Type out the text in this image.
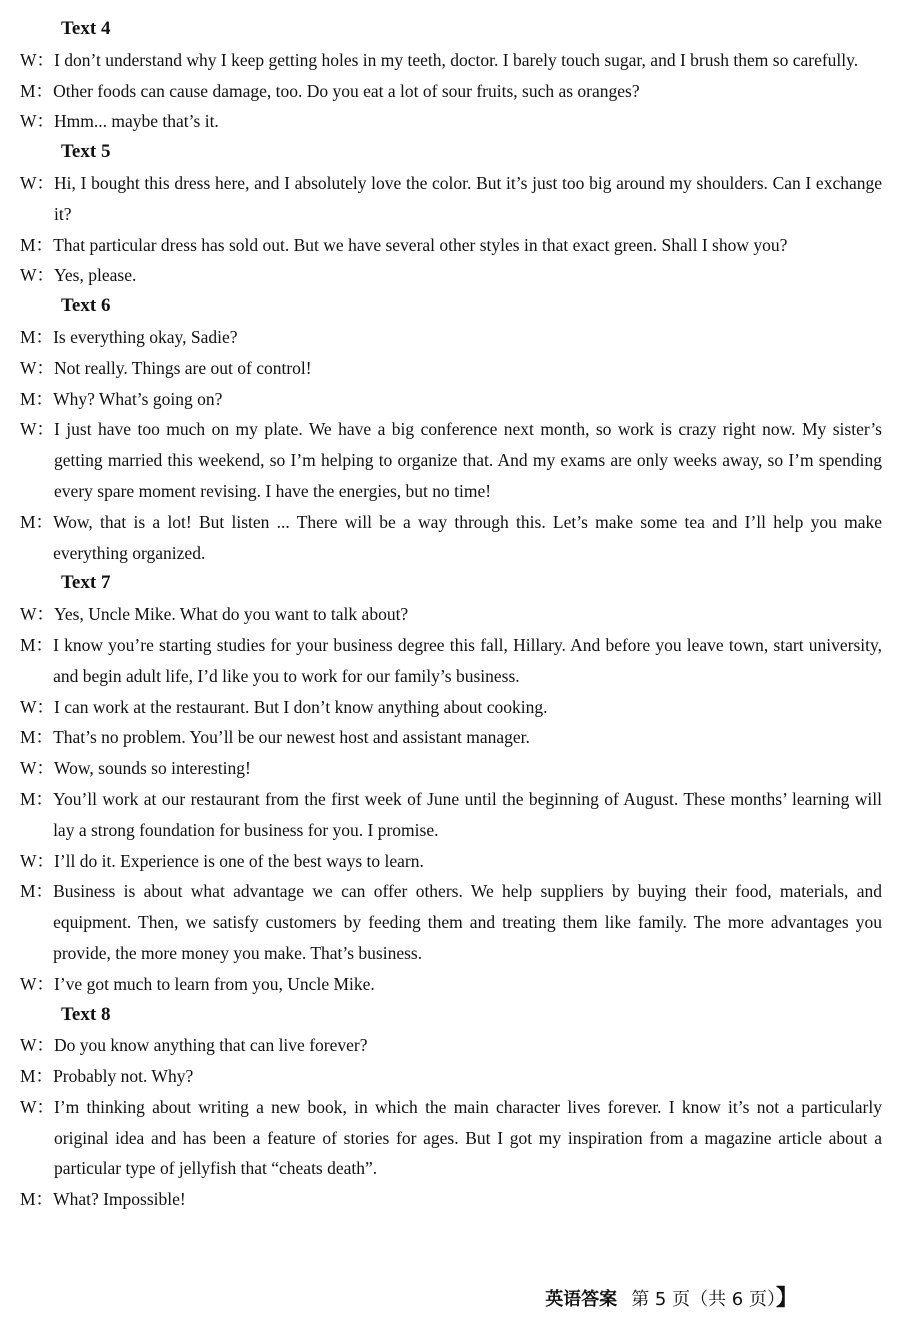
Text 4
W： I don’t understand why I keep getting holes in my teeth, doctor. I barely touch sugar, and I brush them so carefully.
M： Other foods can cause damage, too. Do you eat a lot of sour fruits, such as oranges?
W： Hmm... maybe that’s it.
Text 5
W： Hi, I bought this dress here, and I absolutely love the color. But it’s just too big around my shoulders. Can I exchange it?
M： That particular dress has sold out. But we have several other styles in that exact green. Shall I show you?
W： Yes, please.
Text 6
M： Is everything okay, Sadie?
W： Not really. Things are out of control!
M： Why? What’s going on?
W： I just have too much on my plate. We have a big conference next month, so work is crazy right now. My sister’s getting married this weekend, so I’m helping to organize that. And my exams are only weeks away, so I’m spending every spare moment revising. I have the energies, but no time!
M： Wow, that is a lot! But listen ... There will be a way through this. Let’s make some tea and I’ll help you make everything organized.
Text 7
W： Yes, Uncle Mike. What do you want to talk about?
M： I know you’re starting studies for your business degree this fall, Hillary. And before you leave town, start university, and begin adult life, I’d like you to work for our family’s business.
W： I can work at the restaurant. But I don’t know anything about cooking.
M： That’s no problem. You’ll be our newest host and assistant manager.
W： Wow, sounds so interesting!
M： You’ll work at our restaurant from the first week of June until the beginning of August. These months’ learning will lay a strong foundation for business for you. I promise.
W： I’ll do it. Experience is one of the best ways to learn.
M： Business is about what advantage we can offer others. We help suppliers by buying their food, materials, and equipment. Then, we satisfy customers by feeding them and treating them like family. The more advantages you provide, the more money you make. That’s business.
W： I’ve got much to learn from you, Uncle Mike.
Text 8
W： Do you know anything that can live forever?
M： Probably not. Why?
W： I’m thinking about writing a new book, in which the main character lives forever. I know it’s not a particularly original idea and has been a feature of stories for ages. But I got my inspiration from a magazine article about a particular type of jellyfish that “cheats death”.
M： What? Impossible!
英语答案 第 5 页（共 6 页）】
